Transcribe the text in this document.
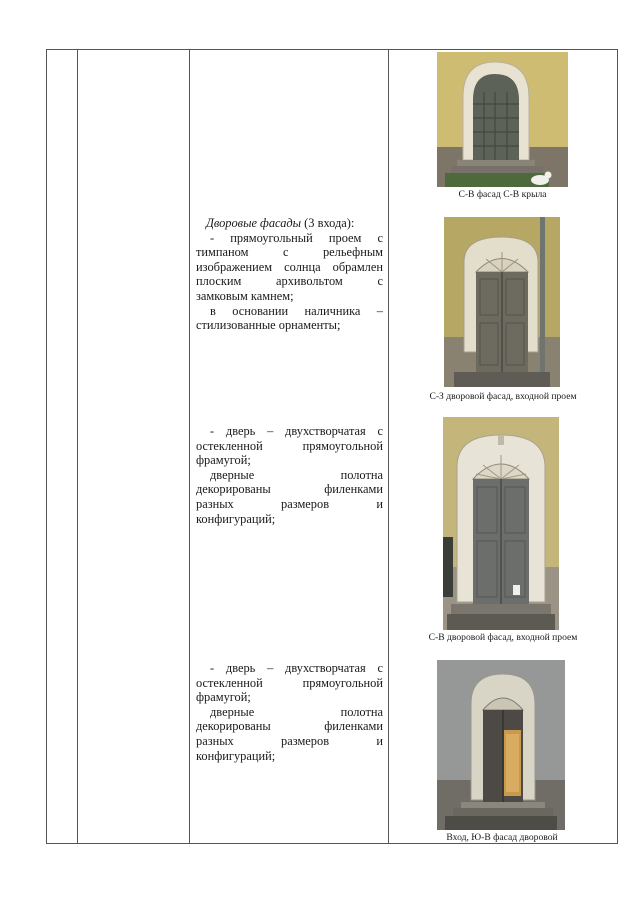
Дворовые фасады (3 входа):
- прямоугольный проем с
тимпаном с рельефным
изображением солнца обрамлен
плоским архивольтом с
замковым камнем;
в основании наличника –
стилизованные орнаменты;
- дверь – двухстворчатая с
остекленной прямоугольной
фрамугой;
дверные полотна
декорированы филенками
разных размеров и
конфигураций;
- дверь – двухстворчатая с
остекленной прямоугольной
фрамугой;
дверные полотна
декорированы филенками
разных размеров и
конфигураций;
С-В фасад С-В крыла
С-З дворовой фасад, входной проем
С-В дворовой фасад, входной проем
Вход, Ю-В фасад дворовой
